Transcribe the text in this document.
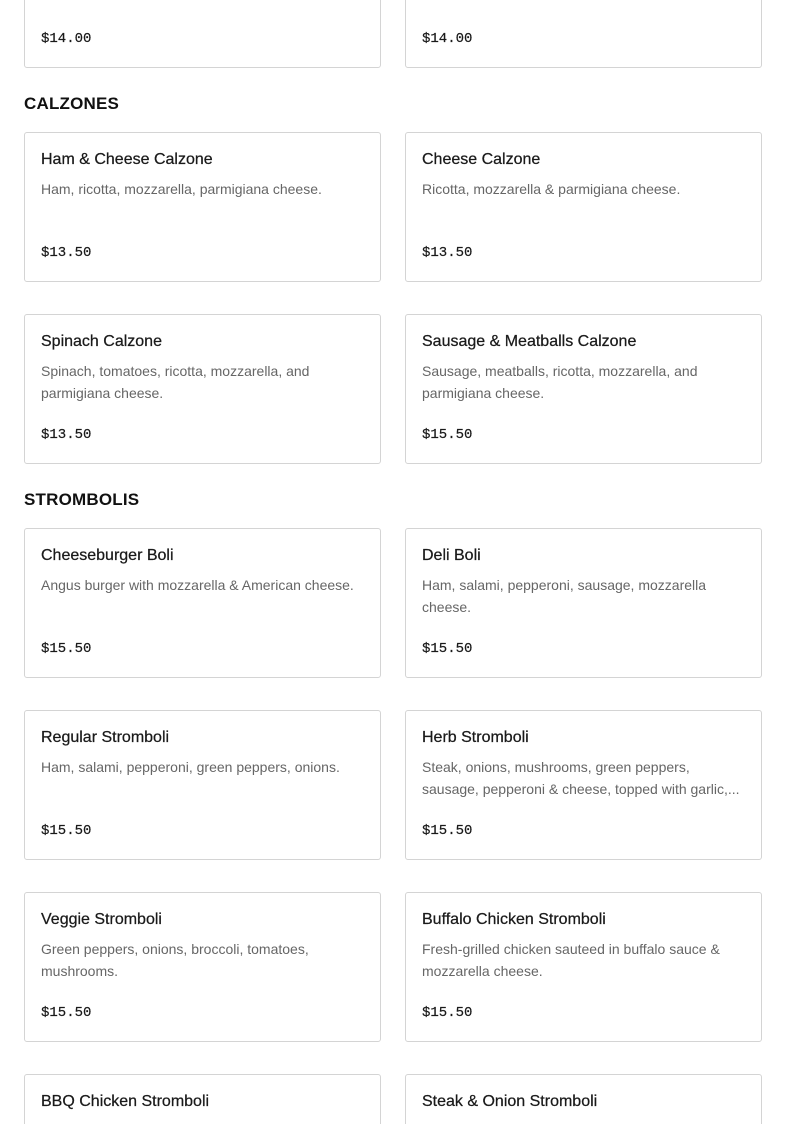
$14.00	$14.00
CALZONES
Ham & Cheese Calzone
Ham, ricotta, mozzarella, parmigiana cheese.
$13.50
Cheese Calzone
Ricotta, mozzarella & parmigiana cheese.
$13.50
Spinach Calzone
Spinach, tomatoes, ricotta, mozzarella, and parmigiana cheese.
$13.50
Sausage & Meatballs Calzone
Sausage, meatballs, ricotta, mozzarella, and parmigiana cheese.
$15.50
STROMBOLIS
Cheeseburger Boli
Angus burger with mozzarella & American cheese.
$15.50
Deli Boli
Ham, salami, pepperoni, sausage, mozzarella cheese.
$15.50
Regular Stromboli
Ham, salami, pepperoni, green peppers, onions.
$15.50
Herb Stromboli
Steak, onions, mushrooms, green peppers, sausage, pepperoni & cheese, topped with garlic,...
$15.50
Veggie Stromboli
Green peppers, onions, broccoli, tomatoes, mushrooms.
$15.50
Buffalo Chicken Stromboli
Fresh-grilled chicken sauteed in buffalo sauce & mozzarella cheese.
$15.50
BBQ Chicken Stromboli	Steak & Onion Stromboli
